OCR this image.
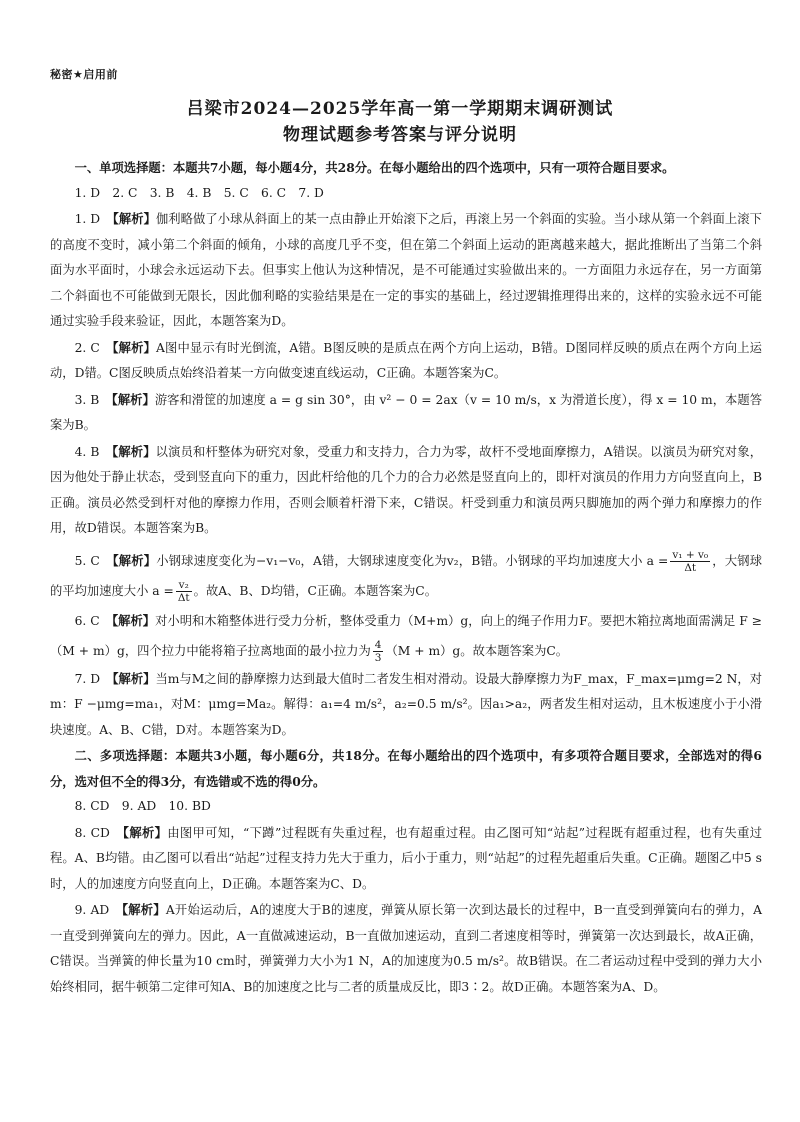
秘密★启用前
吕梁市2024—2025学年高一第一学期期末调研测试
物理试题参考答案与评分说明

一、单项选择题：本题共7小题，每小题4分，共28分。在每小题给出的四个选项中，只有一项符合题目要求。

1. D　2. C　3. B　4. B　5. C　6. C　7. D

1. D　【解析】伽利略做了小球从斜面上的某一点由静止开始滚下之后，再滚上另一个斜面的实验。当小球从第一个斜面上滚下的高度不变时，减小第二个斜面的倾角，小球的高度几乎不变，但在第二个斜面上运动的距离越来越大，据此推断出了当第二个斜面为水平面时，小球会永远运动下去。但事实上他认为这种情况，是不可能通过实验做出来的。一方面阻力永远存在，另一方面第二个斜面也不可能做到无限长，因此伽利略的实验结果是在一定的事实的基础上，经过逻辑推理得出来的，这样的实验永远不可能通过实验手段来验证，因此，本题答案为D。

2. C　【解析】A图中显示有时光倒流，A错。B图反映的是质点在两个方向上运动，B错。D图同样反映的质点在两个方向上运动，D错。C图反映质点始终沿着某一方向做变速直线运动，C正确。本题答案为C。

3. B　【解析】游客和滑筐的加速度 a = g sin 30°，由 v² − 0 = 2ax（v = 10 m/s，x 为滑道长度），得 x = 10 m，本题答案为B。

4. B　【解析】以演员和杆整体为研究对象，受重力和支持力，合力为零，故杆不受地面摩擦力，A错误。以演员为研究对象，因为他处于静止状态，受到竖直向下的重力，因此杆给他的几个力的合力必然是竖直向上的，即杆对演员的作用力方向竖直向上，B正确。演员必然受到杆对他的摩擦力作用，否则会顺着杆滑下来，C错误。杆受到重力和演员两只脚施加的两个弹力和摩擦力的作用，故D错误。本题答案为B。

5. C　【解析】小钢球速度变化为−v₁−v₀，A错，大钢球速度变化为v₂，B错。小钢球的平均加速度大小 $a = \frac{\text{v₁ + v₀}}{\Delta t}$ ，大钢球的平均加速度大小 $a = \frac{\text{v₂}}{\Delta t}$ 。故A、B、D均错，C正确。本题答案为C。

6. C　【解析】对小明和木箱整体进行受力分析，整体受重力（M+m）g，向上的绳子作用力F。要把木箱拉离地面需满足 F ≥（M + m）g，四个拉力中能将箱子拉离地面的最小拉力为 $\frac{4}{3} (M + m)g$。故本题答案为C。

7. D　【解析】当m与M之间的静摩擦力达到最大值时二者发生相对滑动。设最大静摩擦力为F_max，F_max=μmg=2 N，对m：F −μmg=ma₁，对M：μmg=Ma₂。解得：a₁=4 m/s²，a₂=0.5 m/s²。因a₁>a₂，两者发生相对运动，且木板速度小于小滑块速度。A、B、C错，D对。本题答案为D。

二、多项选择题：本题共3小题，每小题6分，共18分。在每小题给出的四个选项中，有多项符合题目要求，全部选对的得6分，选对但不全的得3分，有选错或不选的得0分。

8. CD　9. AD　10. BD

8. CD　【解析】由图甲可知，“下蹲”过程既有失重过程，也有超重过程。由乙图可知“站起”过程既有超重过程，也有失重过程。A、B均错。由乙图可以看出“站起”过程支持力先大于重力，后小于重力，则“站起”的过程先超重后失重。C正确。题图乙中5 s时，人的加速度方向竖直向上，D正确。本题答案为C、D。

9. AD　【解析】A开始运动后，A的速度大于B的速度，弹簧从原长第一次到达最长的过程中，B一直受到弹簧向右的弹力，A一直受到弹簧向左的弹力。因此，A一直做减速运动，B一直做加速运动，直到二者速度相等时，弹簧第一次达到最长，故A正确，C错误。当弹簧的伸长量为10 cm时，弹簧弹力大小为1 N，A的加速度为0.5 m/s²。故B错误。在二者运动过程中受到的弹力大小始终相同，据牛顿第二定律可知A、B的加速度之比与二者的质量成反比，即3∶2。故D正确。本题答案为A、D。
